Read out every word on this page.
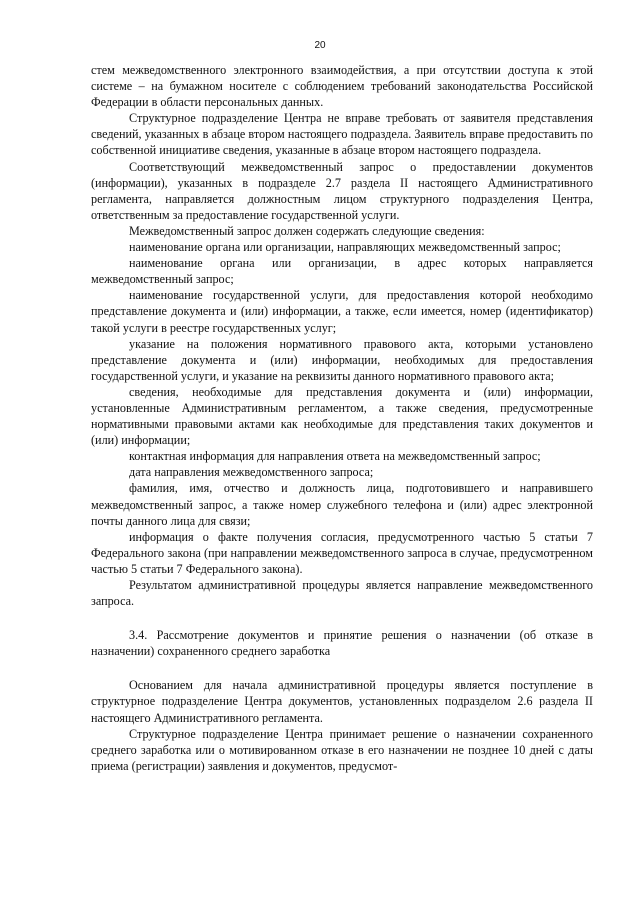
20

стем межведомственного электронного взаимодействия, а при отсутствии доступа к этой системе – на бумажном носителе с соблюдением требований законодательства Российской Федерации в области персональных данных.

Структурное подразделение Центра не вправе требовать от заявителя представления сведений, указанных в абзаце втором настоящего подраздела. Заявитель вправе предоставить по собственной инициативе сведения, указанные в абзаце втором настоящего подраздела.

Соответствующий межведомственный запрос о предоставлении документов (информации), указанных в подразделе 2.7 раздела II настоящего Административного регламента, направляется должностным лицом структурного подразделения Центра, ответственным за предоставление государственной услуги.

Межведомственный запрос должен содержать следующие сведения:

наименование органа или организации, направляющих межведомственный запрос;

наименование органа или организации, в адрес которых направляется межведомственный запрос;

наименование государственной услуги, для предоставления которой необходимо представление документа и (или) информации, а также, если имеется, номер (идентификатор) такой услуги в реестре государственных услуг;

указание на положения нормативного правового акта, которыми установлено представление документа и (или) информации, необходимых для предоставления государственной услуги, и указание на реквизиты данного нормативного правового акта;

сведения, необходимые для представления документа и (или) информации, установленные Административным регламентом, а также сведения, предусмотренные нормативными правовыми актами как необходимые для представления таких документов и (или) информации;

контактная информация для направления ответа на межведомственный запрос;

дата направления межведомственного запроса;

фамилия, имя, отчество и должность лица, подготовившего и направившего межведомственный запрос, а также номер служебного телефона и (или) адрес электронной почты данного лица для связи;

информация о факте получения согласия, предусмотренного частью 5 статьи 7 Федерального закона (при направлении межведомственного запроса в случае, предусмотренном частью 5 статьи 7 Федерального закона).

Результатом административной процедуры является направление межведомственного запроса.

3.4. Рассмотрение документов и принятие решения о назначении (об отказе в назначении) сохраненного среднего заработка

Основанием для начала административной процедуры является поступление в структурное подразделение Центра документов, установленных подразделом 2.6 раздела II настоящего Административного регламента.

Структурное подразделение Центра принимает решение о назначении сохраненного среднего заработка или о мотивированном отказе в его назначении не позднее 10 дней с даты приема (регистрации) заявления и документов, предусмот-
